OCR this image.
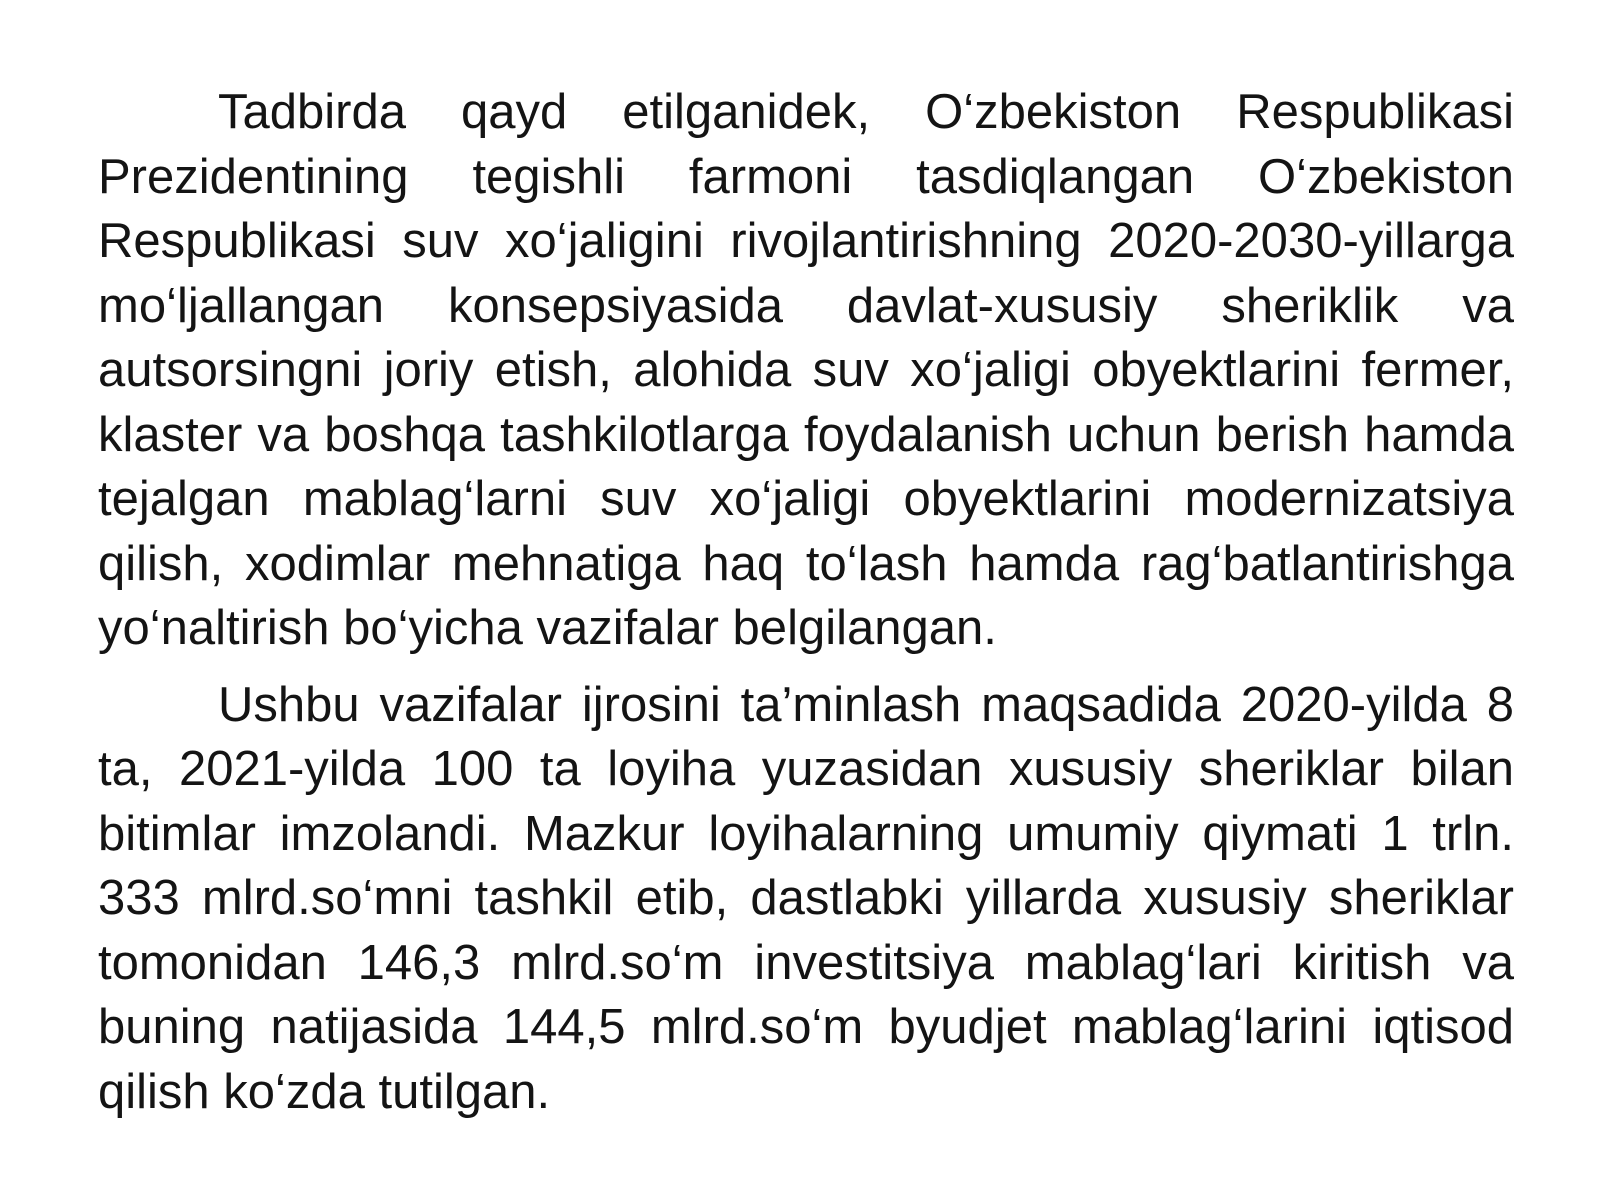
Tadbirda qayd etilganidek, O‘zbekiston Respublikasi Prezidentining tegishli farmoni tasdiqlangan O‘zbekiston Respublikasi suv xo‘jaligini rivojlantirishning 2020-2030-yillarga mo‘ljallangan konsepsiyasida davlat-xususiy sheriklik va autsorsingni joriy etish, alohida suv xo‘jaligi obyektlarini fermer, klaster va boshqa tashkilotlarga foydalanish uchun berish hamda tejalgan mablag‘larni suv xo‘jaligi obyektlarini modernizatsiya qilish, xodimlar mehnatiga haq to‘lash hamda rag‘batlantirishga yo‘naltirish bo‘yicha vazifalar belgilangan.

Ushbu vazifalar ijrosini ta’minlash maqsadida 2020-yilda 8 ta, 2021-yilda 100 ta loyiha yuzasidan xususiy sheriklar bilan bitimlar imzolandi. Mazkur loyihalarning umumiy qiymati 1 trln. 333 mlrd.so‘mni tashkil etib, dastlabki yillarda xususiy sheriklar tomonidan 146,3 mlrd.so‘m investitsiya mablag‘lari kiritish va buning natijasida 144,5 mlrd.so‘m byudjet mablag‘larini iqtisod qilish ko‘zda tutilgan.
